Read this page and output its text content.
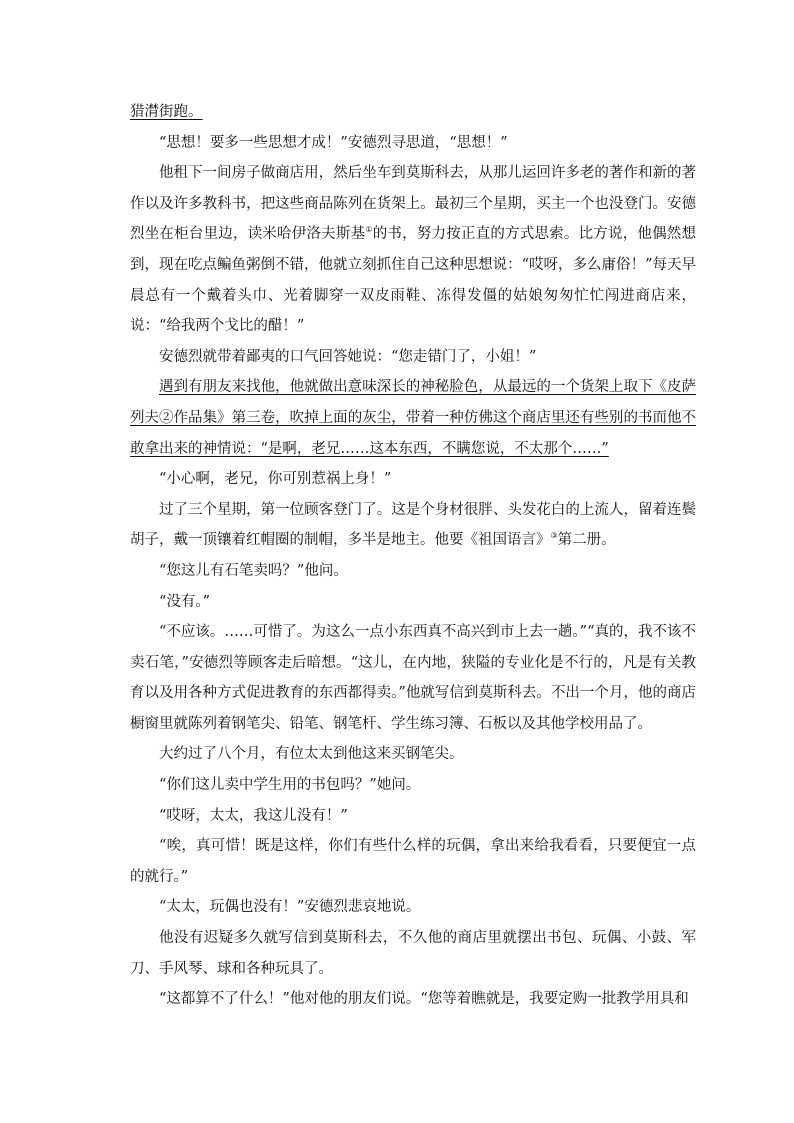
猎潸街跑。

“思想！要多一些思想才成！”安德烈寻思道，“思想！”

他租下一间房子做商店用，然后坐车到莫斯科去，从那儿运回许多老的著作和新的著作以及许多教科书，把这些商品陈列在货架上。最初三个星期，买主一个也没登门。安德烈坐在柜台里边，读米哈伊洛夫斯基①的书，努力按正直的方式思索。比方说，他偶然想到，现在吃点鳊鱼粥倒不错，他就立刻抓住自己这种思想说：“哎呀，多么庸俗！”每天早晨总有一个戴着头巾、光着脚穿一双皮雨鞋、冻得发僵的姑娘匆匆忙忙闯进商店来，说：“给我两个戈比的醋！”

安德烈就带着鄙夷的口气回答她说：“您走错门了，小姐！”

遇到有朋友来找他，他就做出意味深长的神秘脸色，从最远的一个货架上取下《皮萨列夫②作品集》第三卷，吹掉上面的灰尘，带着一种仿佛这个商店里还有些别的书而他不敢拿出来的神情说：“是啊，老兄……这本东西，不瞒您说，不太那个……”

“小心啊，老兄，你可别惹祸上身！”

过了三个星期，第一位顾客登门了。这是个身材很胖、头发花白的上流人，留着连鬓胡子，戴一顶镶着红帽圈的制帽，多半是地主。他要《祖国语言》③第二册。

“您这儿有石笔卖吗？”他问。

“没有。”

“不应该。……可惜了。为这么一点小东西真不高兴到市上去一趟。”“真的，我不该不卖石笔，”安德烈等顾客走后暗想。“这儿，在内地，狭隘的专业化是不行的，凡是有关教育以及用各种方式促进教育的东西都得卖。”他就写信到莫斯科去。不出一个月，他的商店橱窗里就陈列着钢笔尖、铅笔、钢笔杆、学生练习簿、石板以及其他学校用品了。

大约过了八个月，有位太太到他这来买钢笔尖。

“你们这儿卖中学生用的书包吗？”她问。

“哎呀，太太，我这儿没有！”

“唉，真可惜！既是这样，你们有些什么样的玩偶，拿出来给我看看，只要便宜一点的就行。”

“太太，玩偶也没有！”安德烈悲哀地说。

他没有迟疑多久就写信到莫斯科去，不久他的商店里就摆出书包、玩偶、小鼓、军刀、手风琴、球和各种玩具了。

“这都算不了什么！”他对他的朋友们说。“您等着瞧就是，我要定购一批教学用具和
